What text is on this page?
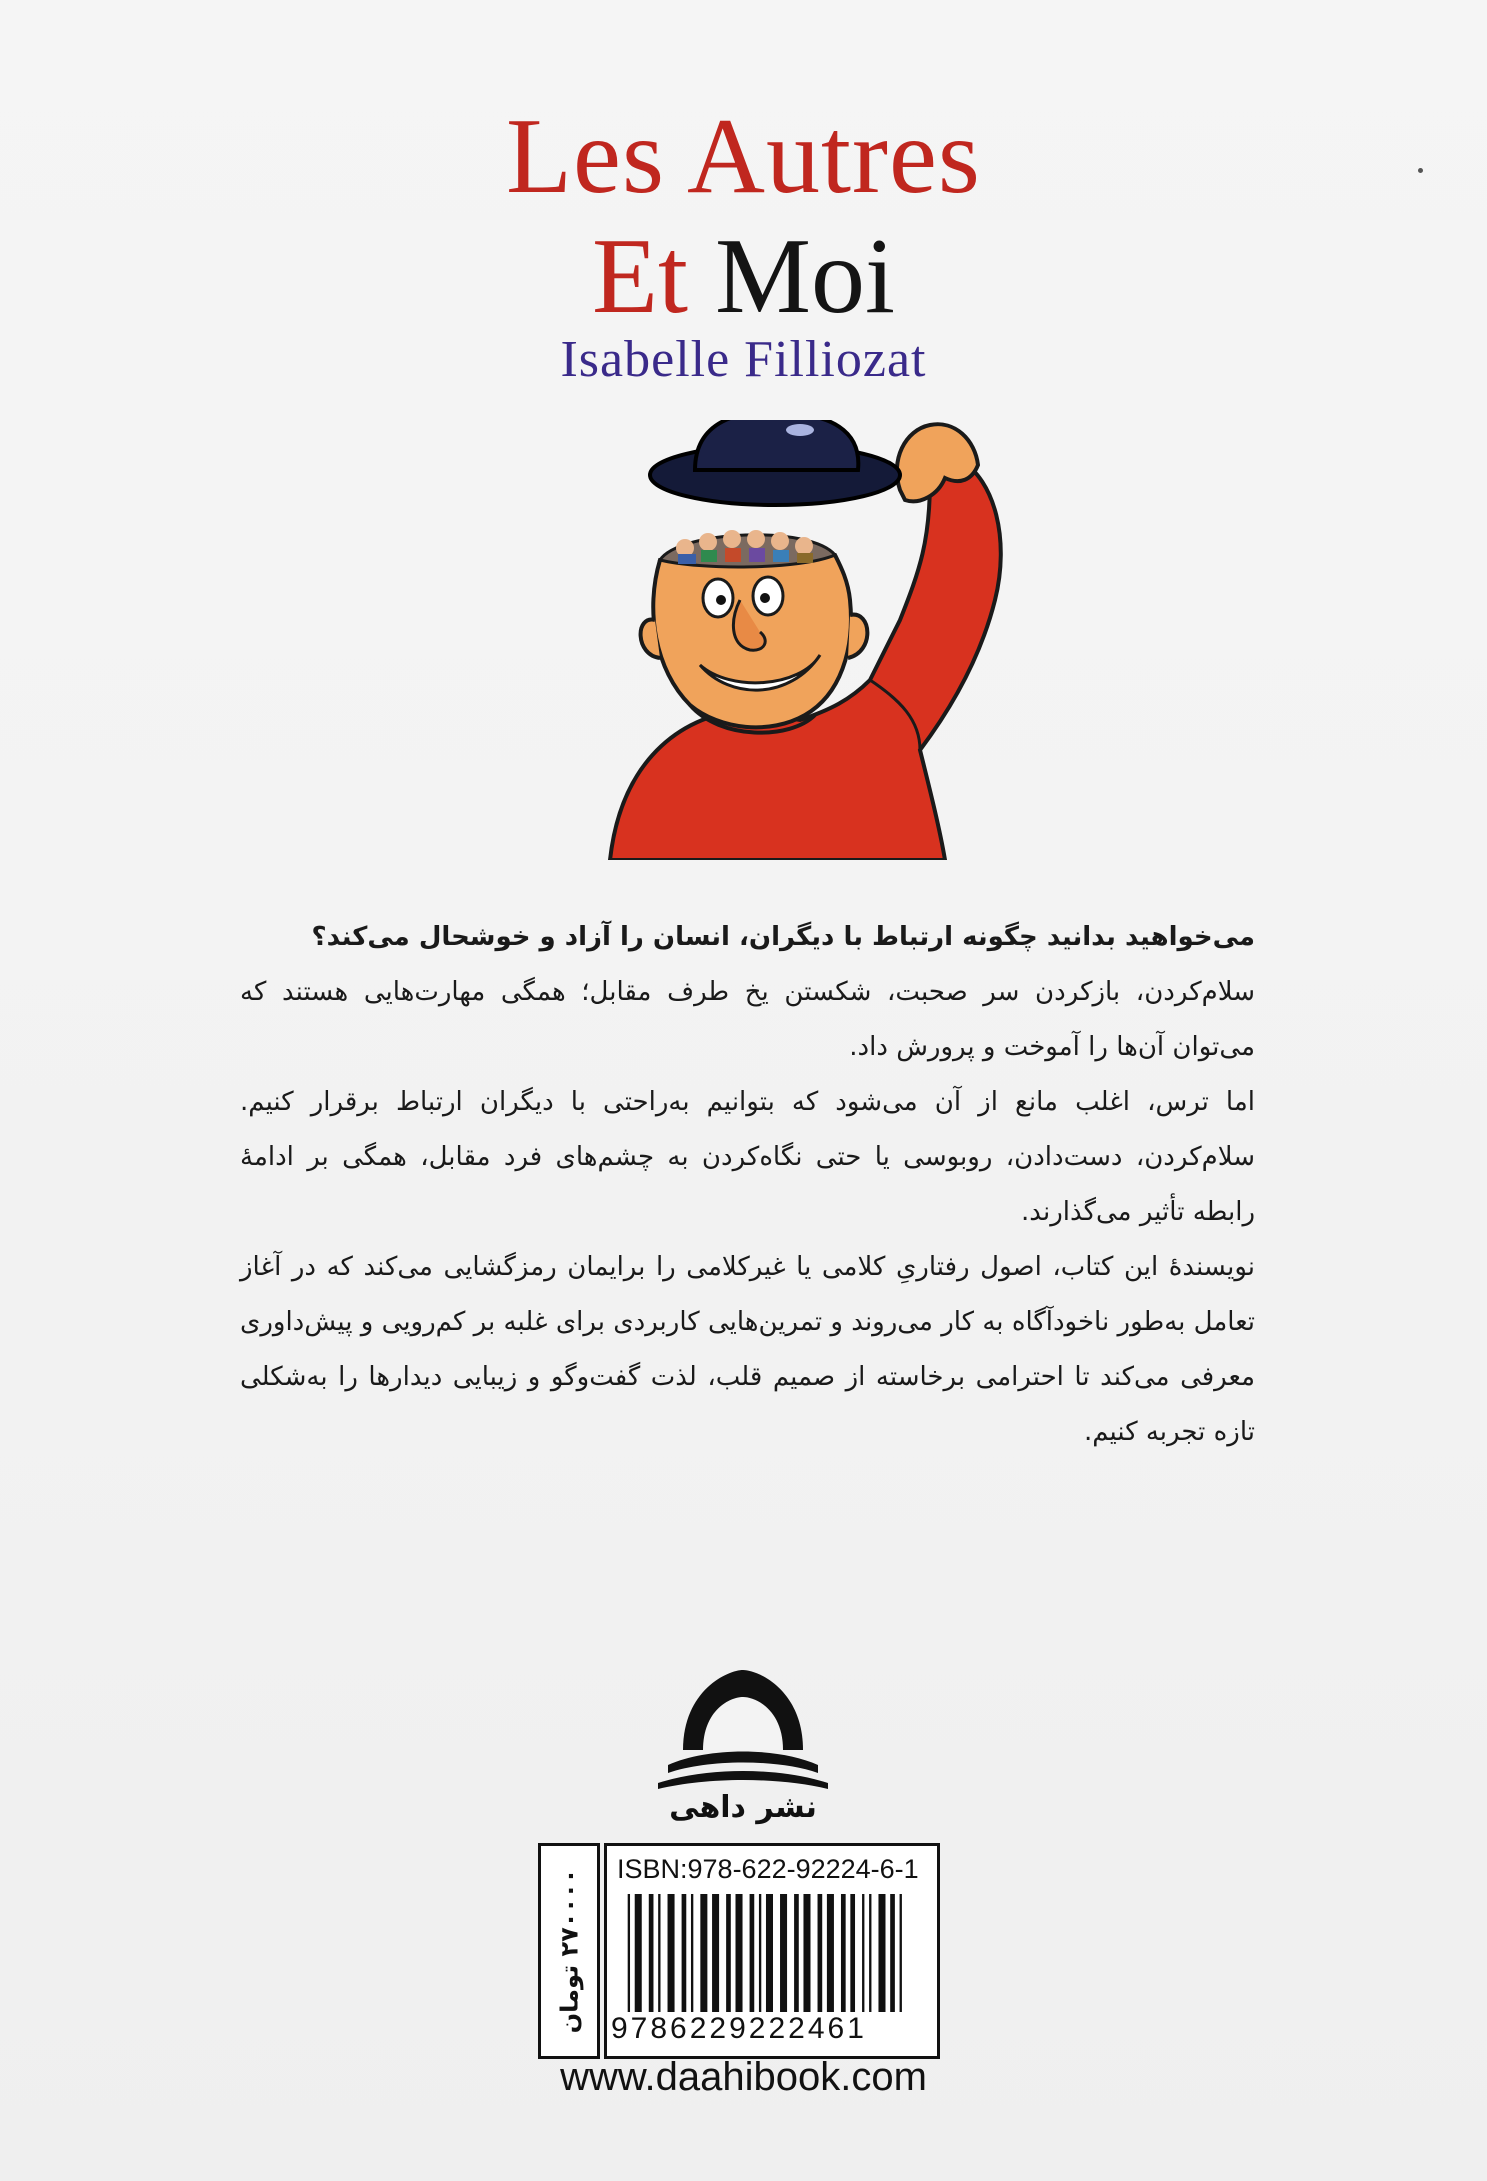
Les Autres
Et Moi
Isabelle Filliozat

می‌خواهید بدانید چگونه ارتباط با دیگران، انسان را آزاد و خوشحال می‌کند؟

سلام‌کردن، بازکردن سر صحبت، شکستن یخ طرف مقابل؛ همگی مهارت‌هایی هستند که می‌توان آن‌ها را آموخت و پرورش داد.

اما ترس، اغلب مانع از آن می‌شود که بتوانیم به‌راحتی با دیگران ارتباط برقرار کنیم. سلام‌کردن، دست‌دادن، روبوسی یا حتی نگاه‌کردن به چشم‌های فرد مقابل، همگی بر ادامهٔ رابطه تأثیر می‌گذارند.

نویسندهٔ این کتاب، اصول رفتاریِ کلامی یا غیرکلامی را برایمان رمزگشایی می‌کند که در آغاز تعامل به‌طور ناخودآگاه به کار می‌روند و تمرین‌هایی کاربردی برای غلبه بر کم‌رویی و پیش‌داوری معرفی می‌کند تا احترامی برخاسته از صمیم قلب، لذت گفت‌وگو و زیبایی دیدارها را به‌شکلی تازه تجربه کنیم.

نشر داهی
۲۷۰۰۰۰ تومان ISBN:978-622-92224-6-1
9786229222461
www.daahibook.com
